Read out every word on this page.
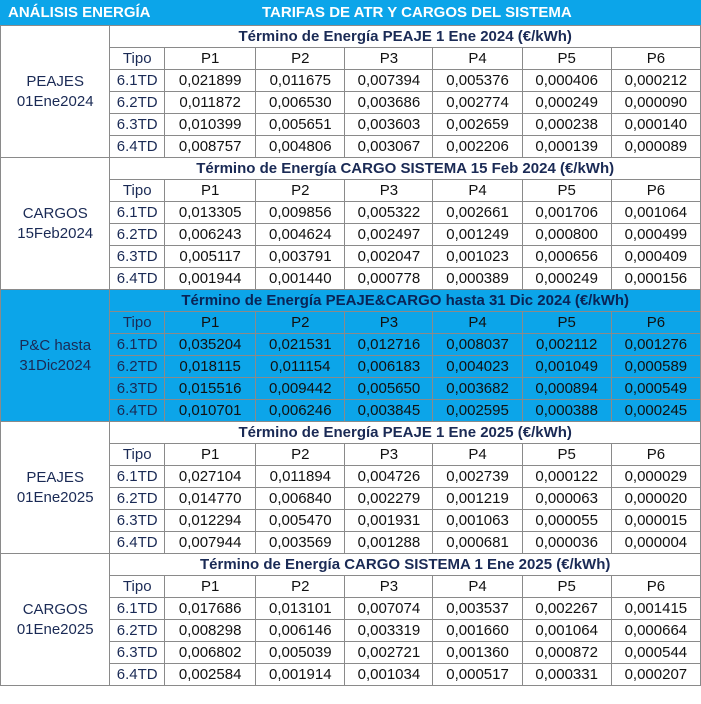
ANÁLISIS ENERGÍA	TARIFAS DE ATR Y CARGOS DEL SISTEMA
PEAJES
01Ene2024	Término de Energía PEAJE 1 Ene 2024 (€/kWh)						
	Tipo	P1	P2	P3	P4	P5	P6
	6.1TD	0,021899	0,011675	0,007394	0,005376	0,000406	0,000212
	6.2TD	0,011872	0,006530	0,003686	0,002774	0,000249	0,000090
	6.3TD	0,010399	0,005651	0,003603	0,002659	0,000238	0,000140
	6.4TD	0,008757	0,004806	0,003067	0,002206	0,000139	0,000089

CARGOS
15Feb2024	Término de Energía CARGO SISTEMA 15 Feb 2024 (€/kWh)						
	Tipo	P1	P2	P3	P4	P5	P6
	6.1TD	0,013305	0,009856	0,005322	0,002661	0,001706	0,001064
	6.2TD	0,006243	0,004624	0,002497	0,001249	0,000800	0,000499
	6.3TD	0,005117	0,003791	0,002047	0,001023	0,000656	0,000409
	6.4TD	0,001944	0,001440	0,000778	0,000389	0,000249	0,000156

P&C hasta
31Dic2024	Término de Energía PEAJE&CARGO hasta 31 Dic 2024 (€/kWh)						
	Tipo	P1	P2	P3	P4	P5	P6
	6.1TD	0,035204	0,021531	0,012716	0,008037	0,002112	0,001276
	6.2TD	0,018115	0,011154	0,006183	0,004023	0,001049	0,000589
	6.3TD	0,015516	0,009442	0,005650	0,003682	0,000894	0,000549
	6.4TD	0,010701	0,006246	0,003845	0,002595	0,000388	0,000245

PEAJES
01Ene2025	Término de Energía PEAJE 1 Ene 2025 (€/kWh)						
	Tipo	P1	P2	P3	P4	P5	P6
	6.1TD	0,027104	0,011894	0,004726	0,002739	0,000122	0,000029
	6.2TD	0,014770	0,006840	0,002279	0,001219	0,000063	0,000020
	6.3TD	0,012294	0,005470	0,001931	0,001063	0,000055	0,000015
	6.4TD	0,007944	0,003569	0,001288	0,000681	0,000036	0,000004

CARGOS
01Ene2025	Término de Energía CARGO SISTEMA 1 Ene 2025 (€/kWh)						
	Tipo	P1	P2	P3	P4	P5	P6
	6.1TD	0,017686	0,013101	0,007074	0,003537	0,002267	0,001415
	6.2TD	0,008298	0,006146	0,003319	0,001660	0,001064	0,000664
	6.3TD	0,006802	0,005039	0,002721	0,001360	0,000872	0,000544
	6.4TD	0,002584	0,001914	0,001034	0,000517	0,000331	0,000207
